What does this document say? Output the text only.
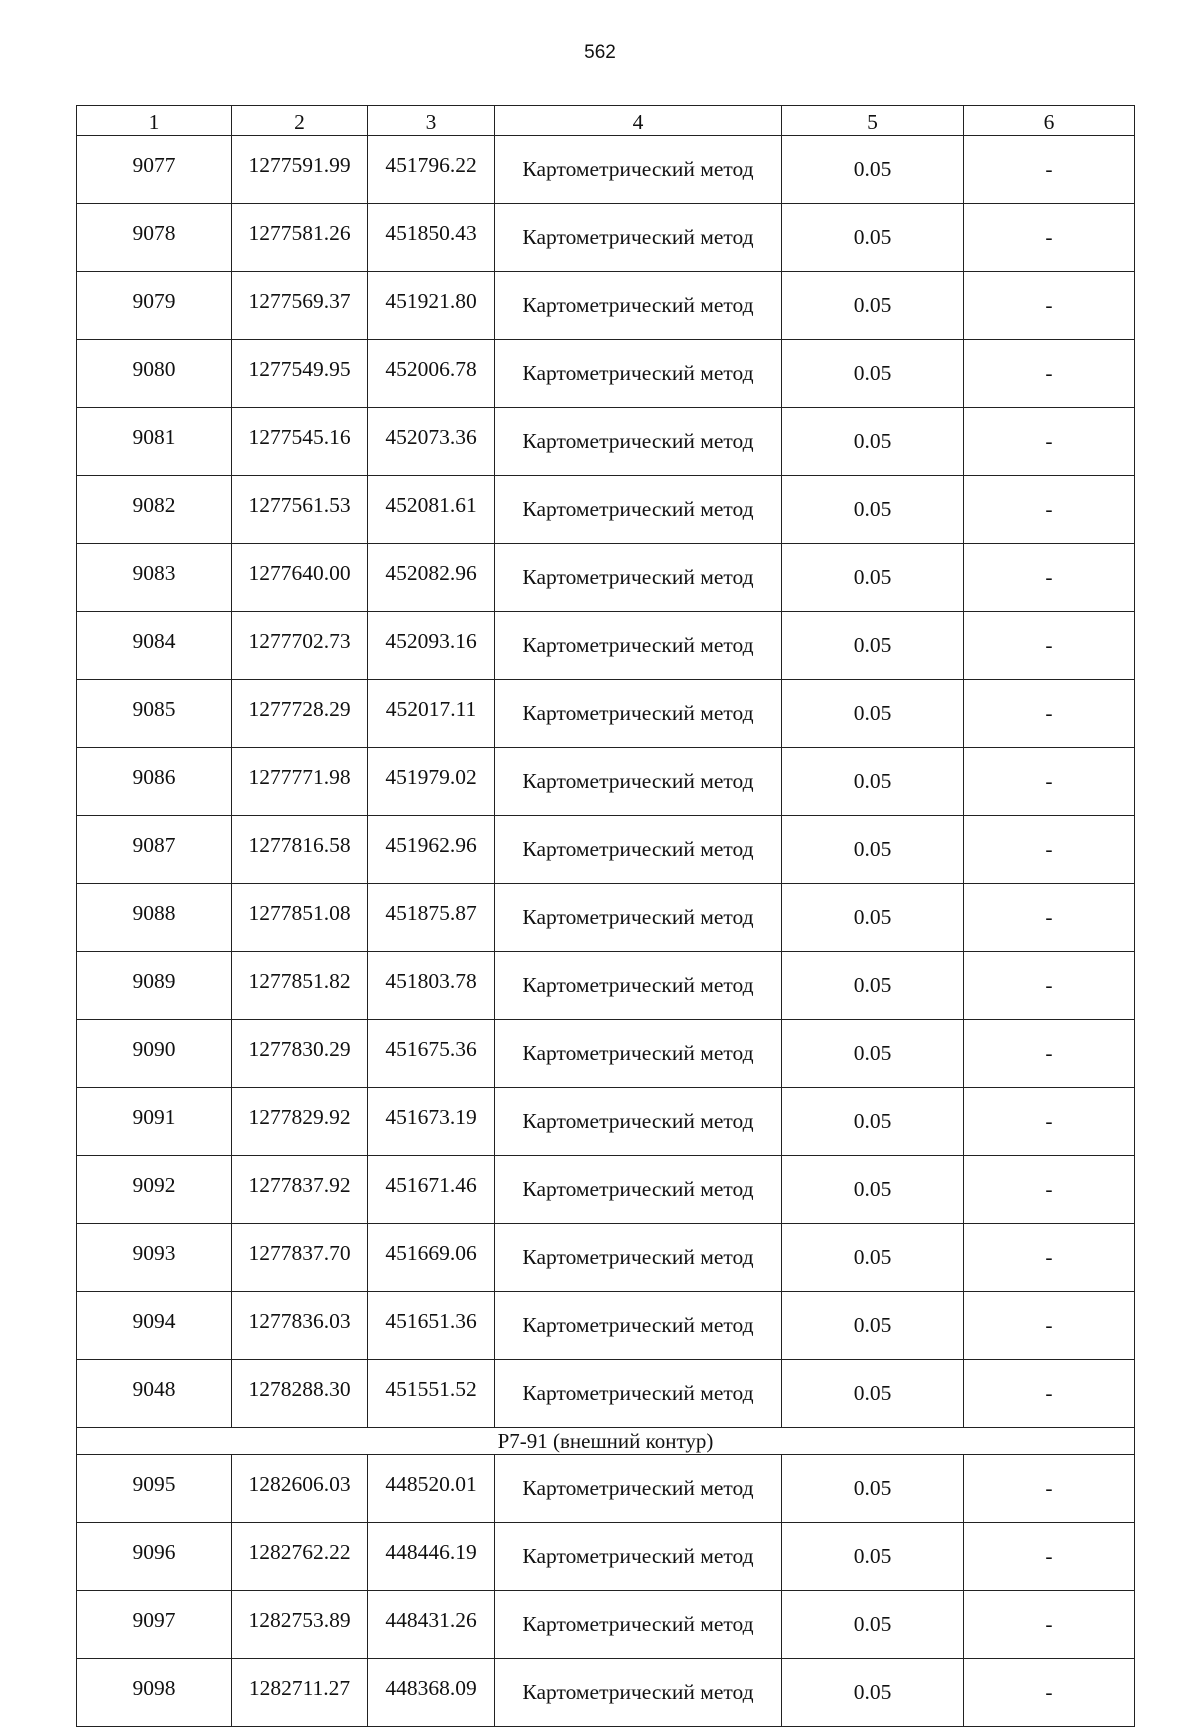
562
1	2	3	4	5	6
9077	1277591.99	451796.22	Картометрический метод	0.05	-
9078	1277581.26	451850.43	Картометрический метод	0.05	-
9079	1277569.37	451921.80	Картометрический метод	0.05	-
9080	1277549.95	452006.78	Картометрический метод	0.05	-
9081	1277545.16	452073.36	Картометрический метод	0.05	-
9082	1277561.53	452081.61	Картометрический метод	0.05	-
9083	1277640.00	452082.96	Картометрический метод	0.05	-
9084	1277702.73	452093.16	Картометрический метод	0.05	-
9085	1277728.29	452017.11	Картометрический метод	0.05	-
9086	1277771.98	451979.02	Картометрический метод	0.05	-
9087	1277816.58	451962.96	Картометрический метод	0.05	-
9088	1277851.08	451875.87	Картометрический метод	0.05	-
9089	1277851.82	451803.78	Картометрический метод	0.05	-
9090	1277830.29	451675.36	Картометрический метод	0.05	-
9091	1277829.92	451673.19	Картометрический метод	0.05	-
9092	1277837.92	451671.46	Картометрический метод	0.05	-
9093	1277837.70	451669.06	Картометрический метод	0.05	-
9094	1277836.03	451651.36	Картометрический метод	0.05	-
9048	1278288.30	451551.52	Картометрический метод	0.05	-
Р7-91 (внешний контур)					
9095	1282606.03	448520.01	Картометрический метод	0.05	-
9096	1282762.22	448446.19	Картометрический метод	0.05	-
9097	1282753.89	448431.26	Картометрический метод	0.05	-
9098	1282711.27	448368.09	Картометрический метод	0.05	-
